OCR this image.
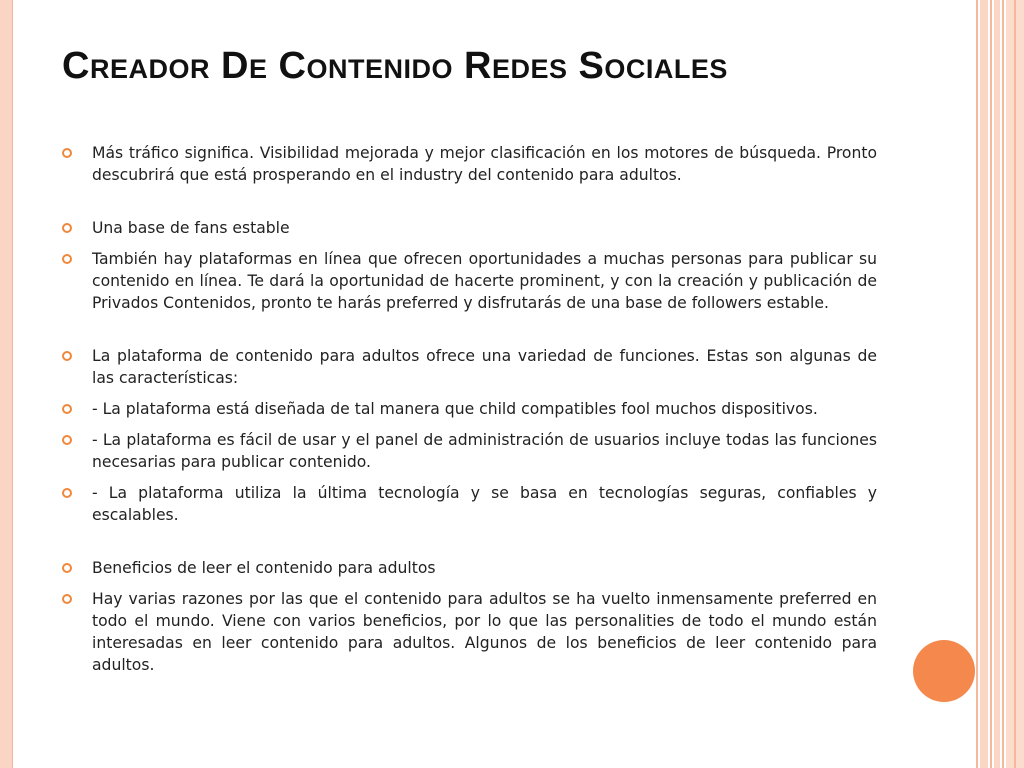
Creador De Contenido Redes Sociales
Más tráfico significa. Visibilidad mejorada y mejor clasificación en los motores de búsqueda. Pronto descubrirá que está prosperando en el industry del contenido para adultos.
Una base de fans estable
También hay plataformas en línea que ofrecen oportunidades a muchas personas para publicar su contenido en línea. Te dará la oportunidad de hacerte prominent, y con la creación y publicación de Privados Contenidos, pronto te harás preferred y disfrutarás de una base de followers estable.
La plataforma de contenido para adultos ofrece una variedad de funciones. Estas son algunas de las características:
- La plataforma está diseñada de tal manera que child compatibles fool muchos dispositivos.
- La plataforma es fácil de usar y el panel de administración de usuarios incluye todas las funciones necesarias para publicar contenido.
- La plataforma utiliza la última tecnología y se basa en tecnologías seguras, confiables y escalables.
Beneficios de leer el contenido para adultos
Hay varias razones por las que el contenido para adultos se ha vuelto inmensamente preferred en todo el mundo. Viene con varios beneficios, por lo que las personalities de todo el mundo están interesadas en leer contenido para adultos. Algunos de los beneficios de leer contenido para adultos.
